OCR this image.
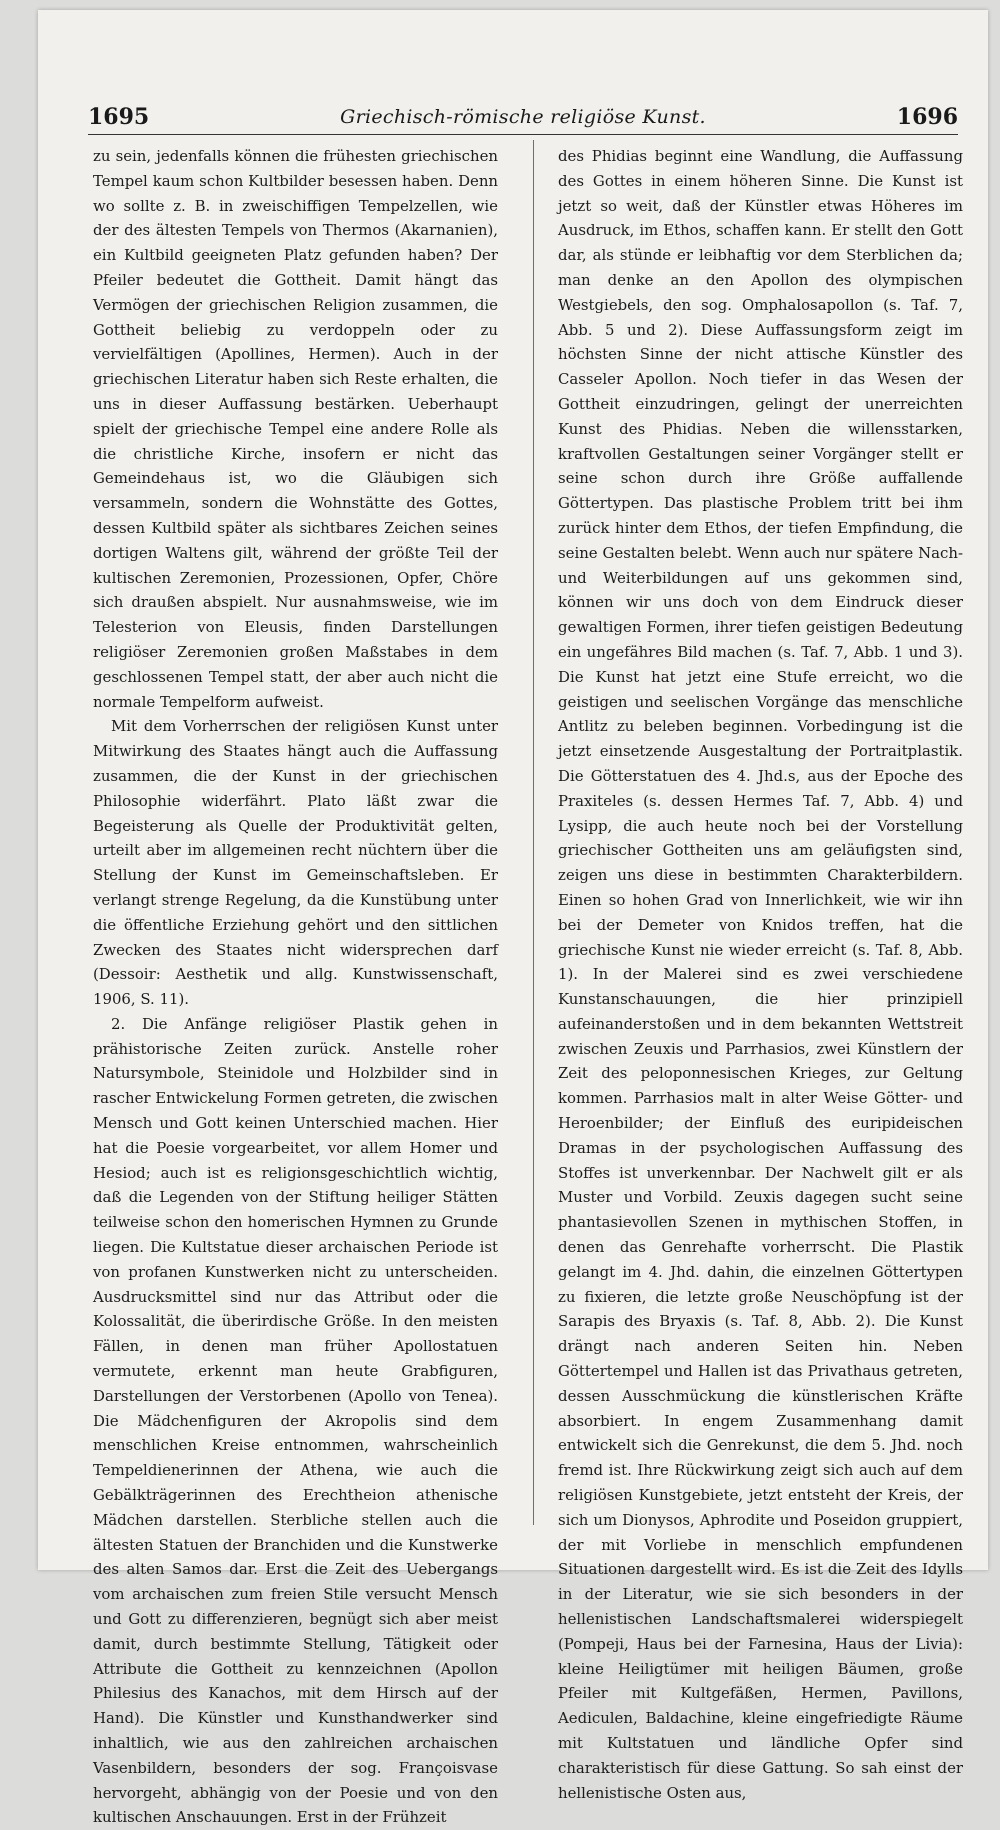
1695	Griechisch-römische religiöse Kunst.	1696

zu sein, jedenfalls können die frühesten griechischen Tempel kaum schon Kultbilder besessen haben. Denn wo sollte z. B. in zweischiffigen Tempelzellen, wie der des ältesten Tempels von Thermos (Akarnanien), ein Kultbild geeigneten Platz gefunden haben? Der Pfeiler bedeutet die Gottheit. Damit hängt das Vermögen der griechischen Religion zusammen, die Gottheit beliebig zu verdoppeln oder zu vervielfältigen (Apollines, Hermen). Auch in der griechischen Literatur haben sich Reste erhalten, die uns in dieser Auffassung bestärken. Ueberhaupt spielt der griechische Tempel eine andere Rolle als die christliche Kirche, insofern er nicht das Gemeindehaus ist, wo die Gläubigen sich versammeln, sondern die Wohnstätte des Gottes, dessen Kultbild später als sichtbares Zeichen seines dortigen Waltens gilt, während der größte Teil der kultischen Zeremonien, Prozessionen, Opfer, Chöre sich draußen abspielt. Nur ausnahmsweise, wie im Telesterion von Eleusis, finden Darstellungen religiöser Zeremonien großen Maßstabes in dem geschlossenen Tempel statt, der aber auch nicht die normale Tempelform aufweist.

Mit dem Vorherrschen der religiösen Kunst unter Mitwirkung des Staates hängt auch die Auffassung zusammen, die der Kunst in der griechischen Philosophie widerfährt. Plato läßt zwar die Begeisterung als Quelle der Produktivität gelten, urteilt aber im allgemeinen recht nüchtern über die Stellung der Kunst im Gemeinschaftsleben. Er verlangt strenge Regelung, da die Kunstübung unter die öffentliche Erziehung gehört und den sittlichen Zwecken des Staates nicht widersprechen darf (Dessoir: Aesthetik und allg. Kunstwissenschaft, 1906, S. 11).

2. Die Anfänge religiöser Plastik gehen in prähistorische Zeiten zurück. Anstelle roher Natursymbole, Steinidole und Holzbilder sind in rascher Entwickelung Formen getreten, die zwischen Mensch und Gott keinen Unterschied machen. Hier hat die Poesie vorgearbeitet, vor allem Homer und Hesiod; auch ist es religionsgeschichtlich wichtig, daß die Legenden von der Stiftung heiliger Stätten teilweise schon den homerischen Hymnen zu Grunde liegen. Die Kultstatue dieser archaischen Periode ist von profanen Kunstwerken nicht zu unterscheiden. Ausdrucksmittel sind nur das Attribut oder die Kolossalität, die überirdische Größe. In den meisten Fällen, in denen man früher Apollostatuen vermutete, erkennt man heute Grabfiguren, Darstellungen der Verstorbenen (Apollo von Tenea). Die Mädchenfiguren der Akropolis sind dem menschlichen Kreise entnommen, wahrscheinlich Tempeldienerinnen der Athena, wie auch die Gebälkträgerinnen des Erechtheion athenische Mädchen darstellen. Sterbliche stellen auch die ältesten Statuen der Branchiden und die Kunstwerke des alten Samos dar. Erst die Zeit des Uebergangs vom archaischen zum freien Stile versucht Mensch und Gott zu differenzieren, begnügt sich aber meist damit, durch bestimmte Stellung, Tätigkeit oder Attribute die Gottheit zu kennzeichnen (Apollon Philesius des Kanachos, mit dem Hirsch auf der Hand). Die Künstler und Kunsthandwerker sind inhaltlich, wie aus den zahlreichen archaischen Vasenbildern, besonders der sog. Françoisvase hervorgeht, abhängig von der Poesie und von den kultischen Anschauungen. Erst in der Frühzeit

des Phidias beginnt eine Wandlung, die Auffassung des Gottes in einem höheren Sinne. Die Kunst ist jetzt so weit, daß der Künstler etwas Höheres im Ausdruck, im Ethos, schaffen kann. Er stellt den Gott dar, als stünde er leibhaftig vor dem Sterblichen da; man denke an den Apollon des olympischen Westgiebels, den sog. Omphalosapollon (s. Taf. 7, Abb. 5 und 2). Diese Auffassungsform zeigt im höchsten Sinne der nicht attische Künstler des Casseler Apollon. Noch tiefer in das Wesen der Gottheit einzudringen, gelingt der unerreichten Kunst des Phidias. Neben die willensstarken, kraftvollen Gestaltungen seiner Vorgänger stellt er seine schon durch ihre Größe auffallende Göttertypen. Das plastische Problem tritt bei ihm zurück hinter dem Ethos, der tiefen Empfindung, die seine Gestalten belebt. Wenn auch nur spätere Nach- und Weiterbildungen auf uns gekommen sind, können wir uns doch von dem Eindruck dieser gewaltigen Formen, ihrer tiefen geistigen Bedeutung ein ungefähres Bild machen (s. Taf. 7, Abb. 1 und 3). Die Kunst hat jetzt eine Stufe erreicht, wo die geistigen und seelischen Vorgänge das menschliche Antlitz zu beleben beginnen. Vorbedingung ist die jetzt einsetzende Ausgestaltung der Portraitplastik. Die Götterstatuen des 4. Jhd.s, aus der Epoche des Praxiteles (s. dessen Hermes Taf. 7, Abb. 4) und Lysipp, die auch heute noch bei der Vorstellung griechischer Gottheiten uns am geläufigsten sind, zeigen uns diese in bestimmten Charakterbildern. Einen so hohen Grad von Innerlichkeit, wie wir ihn bei der Demeter von Knidos treffen, hat die griechische Kunst nie wieder erreicht (s. Taf. 8, Abb. 1). In der Malerei sind es zwei verschiedene Kunstanschauungen, die hier prinzipiell aufeinanderstoßen und in dem bekannten Wettstreit zwischen Zeuxis und Parrhasios, zwei Künstlern der Zeit des peloponnesischen Krieges, zur Geltung kommen. Parrhasios malt in alter Weise Götter- und Heroenbilder; der Einfluß des euripideischen Dramas in der psychologischen Auffassung des Stoffes ist unverkennbar. Der Nachwelt gilt er als Muster und Vorbild. Zeuxis dagegen sucht seine phantasievollen Szenen in mythischen Stoffen, in denen das Genrehafte vorherrscht. Die Plastik gelangt im 4. Jhd. dahin, die einzelnen Göttertypen zu fixieren, die letzte große Neuschöpfung ist der Sarapis des Bryaxis (s. Taf. 8, Abb. 2). Die Kunst drängt nach anderen Seiten hin. Neben Göttertempel und Hallen ist das Privathaus getreten, dessen Ausschmückung die künstlerischen Kräfte absorbiert. In engem Zusammenhang damit entwickelt sich die Genrekunst, die dem 5. Jhd. noch fremd ist. Ihre Rückwirkung zeigt sich auch auf dem religiösen Kunstgebiete, jetzt entsteht der Kreis, der sich um Dionysos, Aphrodite und Poseidon gruppiert, der mit Vorliebe in menschlich empfundenen Situationen dargestellt wird. Es ist die Zeit des Idylls in der Literatur, wie sie sich besonders in der hellenistischen Landschaftsmalerei widerspiegelt (Pompeji, Haus bei der Farnesina, Haus der Livia): kleine Heiligtümer mit heiligen Bäumen, große Pfeiler mit Kultgefäßen, Hermen, Pavillons, Aediculen, Baldachine, kleine eingefriedigte Räume mit Kultstatuen und ländliche Opfer sind charakteristisch für diese Gattung. So sah einst der hellenistische Osten aus,
